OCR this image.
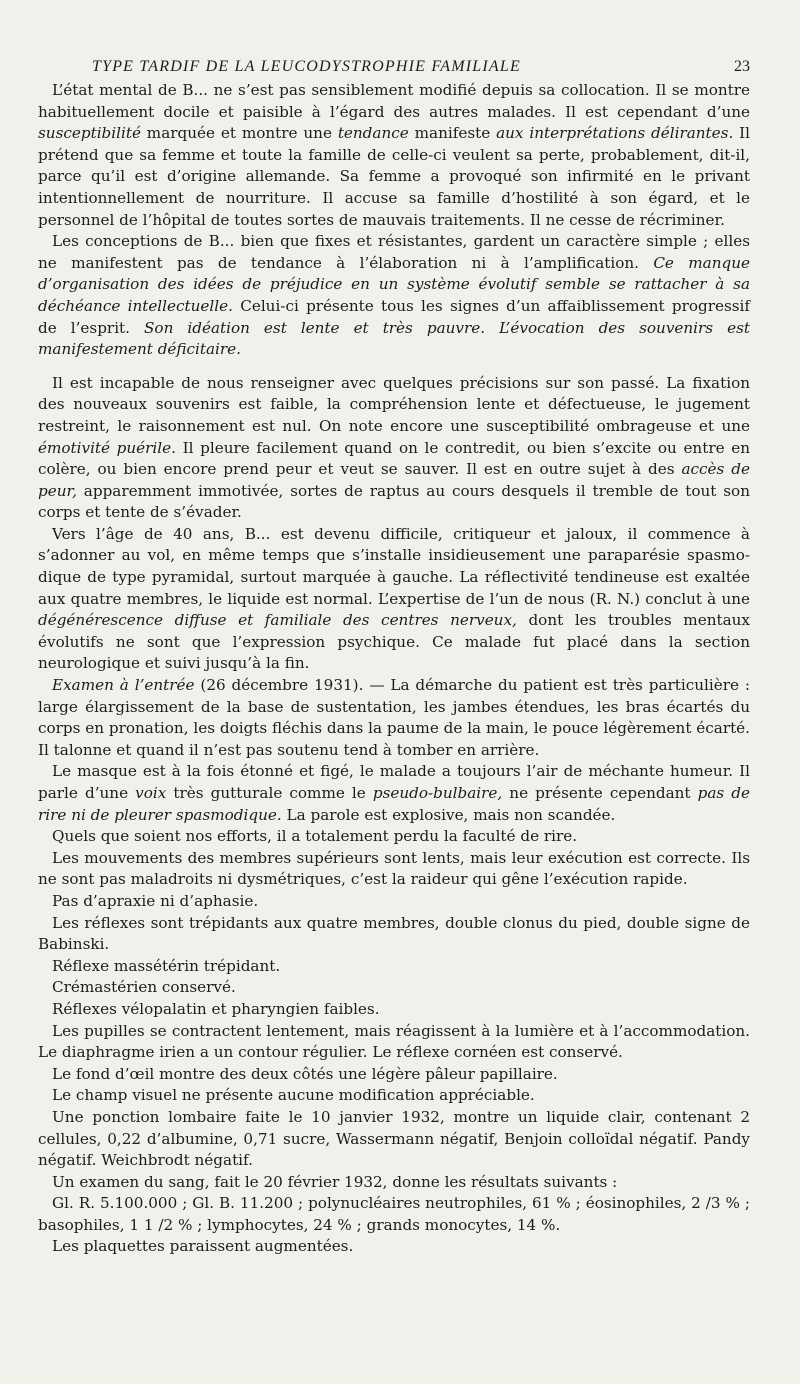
TYPE TARDIF DE LA LEUCODYSTROPHIE FAMILIALE	23

L’état mental de B... ne s’est pas sensiblement modifié depuis sa collocation. Il se montre habituellement docile et paisible à l’égard des autres malades. Il est cependant d’une susceptibilité marquée et montre une tendance manifeste aux interprétations délirantes. Il prétend que sa femme et toute la famille de celle-ci veulent sa perte, probablement, dit-il, parce qu’il est d’origine allemande. Sa femme a provoqué son infirmité en le privant intentionnellement de nourriture. Il accuse sa famille d’hostilité à son égard, et le personnel de l’hôpital de toutes sortes de mauvais traitements. Il ne cesse de récriminer.

Les conceptions de B... bien que fixes et résistantes, gardent un caractère simple ; elles ne manifestent pas de tendance à l’élaboration ni à l’amplification. Ce manque d’organisation des idées de préjudice en un système évolutif semble se rattacher à sa déchéance intellectuelle. Celui-ci présente tous les signes d’un affaiblissement progressif de l’esprit. Son idéation est lente et très pauvre. L’évocation des souvenirs est manifestement déficitaire.

Il est incapable de nous renseigner avec quelques précisions sur son passé. La fixation des nouveaux souvenirs est faible, la compréhension lente et défectueuse, le jugement restreint, le raisonnement est nul. On note encore une susceptibilité ombrageuse et une émotivité puérile. Il pleure facilement quand on le contredit, ou bien s’excite ou entre en colère, ou bien encore prend peur et veut se sauver. Il est en outre sujet à des accès de peur, apparemment immotivée, sortes de raptus au cours desquels il tremble de tout son corps et tente de s’évader.

Vers l’âge de 40 ans, B... est devenu difficile, critiqueur et jaloux, il commence à s’adonner au vol, en même temps que s’installe insidieusement une paraparésie spasmodique de type pyramidal, surtout marquée à gauche. La réflectivité tendineuse est exaltée aux quatre membres, le liquide est normal. L’expertise de l’un de nous (R. N.) conclut à une dégénérescence diffuse et familiale des centres nerveux, dont les troubles mentaux évolutifs ne sont que l’expression psychique. Ce malade fut placé dans la section neurologique et suivi jusqu’à la fin.

Examen à l’entrée (26 décembre 1931). — La démarche du patient est très particulière : large élargissement de la base de sustentation, les jambes étendues, les bras écartés du corps en pronation, les doigts fléchis dans la paume de la main, le pouce légèrement écarté. Il talonne et quand il n’est pas soutenu tend à tomber en arrière.

Le masque est à la fois étonné et figé, le malade a toujours l’air de méchante humeur. Il parle d’une voix très gutturale comme le pseudo-bulbaire, ne présente cependant pas de rire ni de pleurer spasmodique. La parole est explosive, mais non scandée.

Quels que soient nos efforts, il a totalement perdu la faculté de rire.

Les mouvements des membres supérieurs sont lents, mais leur exécution est correcte. Ils ne sont pas maladroits ni dysmétriques, c’est la raideur qui gêne l’exécution rapide.

Pas d’apraxie ni d’aphasie.

Les réflexes sont trépidants aux quatre membres, double clonus du pied, double signe de Babinski.

Réflexe massétérin trépidant.

Crémastérien conservé.

Réflexes vélopalatin et pharyngien faibles.

Les pupilles se contractent lentement, mais réagissent à la lumière et à l’accommodation. Le diaphragme irien a un contour régulier. Le réflexe cornéen est conservé.

Le fond d’œil montre des deux côtés une légère pâleur papillaire.

Le champ visuel ne présente aucune modification appréciable.

Une ponction lombaire faite le 10 janvier 1932, montre un liquide clair, contenant 2 cellules, 0,22 d’albumine, 0,71 sucre, Wassermann négatif, Benjoin colloïdal négatif. Pandy négatif. Weichbrodt négatif.

Un examen du sang, fait le 20 février 1932, donne les résultats suivants :

Gl. R. 5.100.000 ; Gl. B. 11.200 ; polynucléaires neutrophiles, 61 % ; éosinophiles, 2 /3 % ; basophiles, 1 1 /2 % ; lymphocytes, 24 % ; grands monocytes, 14 %.

Les plaquettes paraissent augmentées.
